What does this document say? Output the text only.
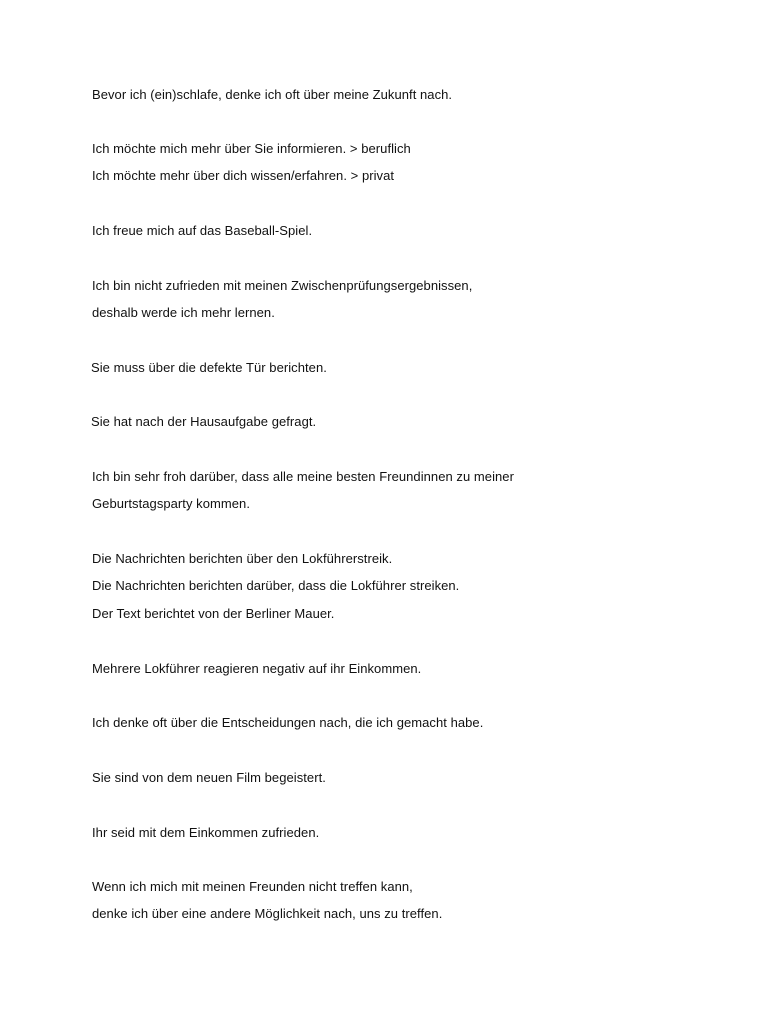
Bevor ich (ein)schlafe, denke ich oft über meine Zukunft nach.
Ich möchte mich mehr über Sie informieren. > beruflich
Ich möchte mehr über dich wissen/erfahren. > privat
Ich freue mich auf das Baseball-Spiel.
Ich bin nicht zufrieden mit meinen Zwischenprüfungsergebnissen,
deshalb werde ich mehr lernen.
Sie muss über die defekte Tür berichten.
Sie hat nach der Hausaufgabe gefragt.
Ich bin sehr froh darüber, dass alle meine besten Freundinnen zu meiner
Geburtstagsparty kommen.
Die Nachrichten berichten über den Lokführerstreik.
Die Nachrichten berichten darüber, dass die Lokführer streiken.
Der Text berichtet von der Berliner Mauer.
Mehrere Lokführer reagieren negativ auf ihr Einkommen.
Ich denke oft über die Entscheidungen nach, die ich gemacht habe.
Sie sind von dem neuen Film begeistert.
Ihr seid mit dem Einkommen zufrieden.
Wenn ich mich mit meinen Freunden nicht treffen kann,
denke ich über eine andere Möglichkeit nach, uns zu treffen.
